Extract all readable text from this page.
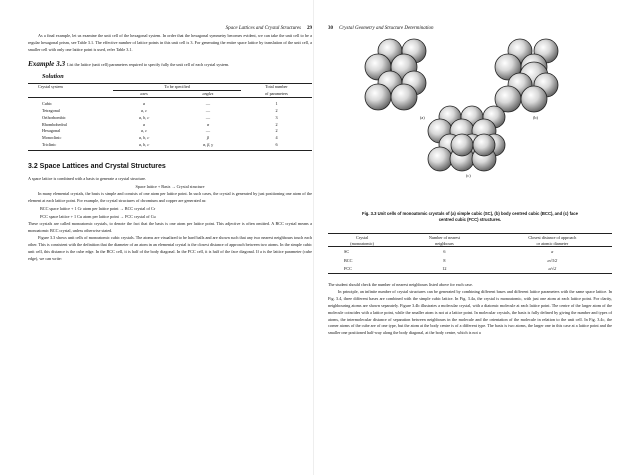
Space Lattices and Crystal Structures 29

As a final example, let us examine the unit cell of the hexagonal system. In order that the hexagonal symmetry becomes evident, we can take the unit cell to be a regular hexagonal prism, see Table 3.1. The effective number of lattice points in this unit cell is 3. For generating the entire space lattice by translation of the unit cell, a smaller cell with only one lattice point is used, refer Table 3.1.

Example 3.3 List the lattice (unit cell) parameters required to specify fully the unit cell of each crystal system.
Solution
Crystal system	To be specified		Total number
	axes	angles	of parameters

Cubic	a	—	1
Tetragonal	a, c	—	2
Orthorhombic	a, b, c	—	3
Rhombohedral	a	α	2
Hexagonal	a, c	—	2
Monoclinic	a, b, c	β	4
Triclinic	a, b, c	α, β, γ	6

3.2 Space Lattices and Crystal Structures

A space lattice is combined with a basis to generate a crystal structure.

Space lattice + Basis → Crystal structure

In many elemental crystals, the basis is simple and consists of one atom per lattice point. In such cases, the crystal is generated by just positioning one atom of the element at each lattice point. For example, the crystal structures of chromium and copper are generated as:

BCC space lattice + 1 Cr atom per lattice point → BCC crystal of Cr
FCC space lattice + 1 Cu atom per lattice point → FCC crystal of Cu

These crystals are called monoatomic crystals, to denote the fact that the basis is one atom per lattice point. This adjective is often omitted. A BCC crystal means a monoatomic BCC crystal, unless otherwise stated.

Figure 3.3 shows unit cells of monoatomic cubic crystals. The atoms are visualized to be hard balls and are shown such that any two nearest neighbours touch each other. This is consistent with the definition that the diameter of an atom in an elemental crystal is the closest distance of approach between two atoms. In the simple cubic unit cell, this distance is the cube edge. In the BCC cell, it is half of the body diagonal. In the FCC cell, it is half of the face diagonal. If a is the lattice parameter (cube edge), we can write:

30 Crystal Geometry and Structure Determination
(a)	(b)
(c)
Fig. 3.3 Unit cells of monoatomic crystals of (a) simple cubic (SC), (b) body centred cubic (BCC), and (c) face centred cubic (FCC) structures.
Crystal	Number of nearest	Closest distance of approach
(monoatomic)	neighbours	or atomic diameter
SC	6	a
BCC	8	a√3/2
FCC	12	a/√2

The student should check the number of nearest neighbours listed above for each case.

In principle, an infinite number of crystal structures can be generated by combining different bases and different lattice parameters with the same space lattice. In Fig. 3.4, three different bases are combined with the simple cubic lattice. In Fig. 3.4a, the crystal is monoatomic, with just one atom at each lattice point. For clarity, neighbouring atoms are shown separately. Figure 3.4b illustrates a molecular crystal, with a diatomic molecule at each lattice point. The centre of the larger atom of the molecule coincides with a lattice point, while the smaller atom is not at a lattice point. In molecular crystals, the basis is fully defined by giving the number and types of atoms, the intermolecular distance of separation between neighbours in the molecule and the orientation of the molecule in relation to the unit cell. In Fig. 3.4c, the corner atoms of the cube are of one type, but the atom at the body centre is of a different type. The basis is two atoms, the larger one in this case at a lattice point and the smaller one positioned half-way along the body diagonal, at the body centre, which is not a
